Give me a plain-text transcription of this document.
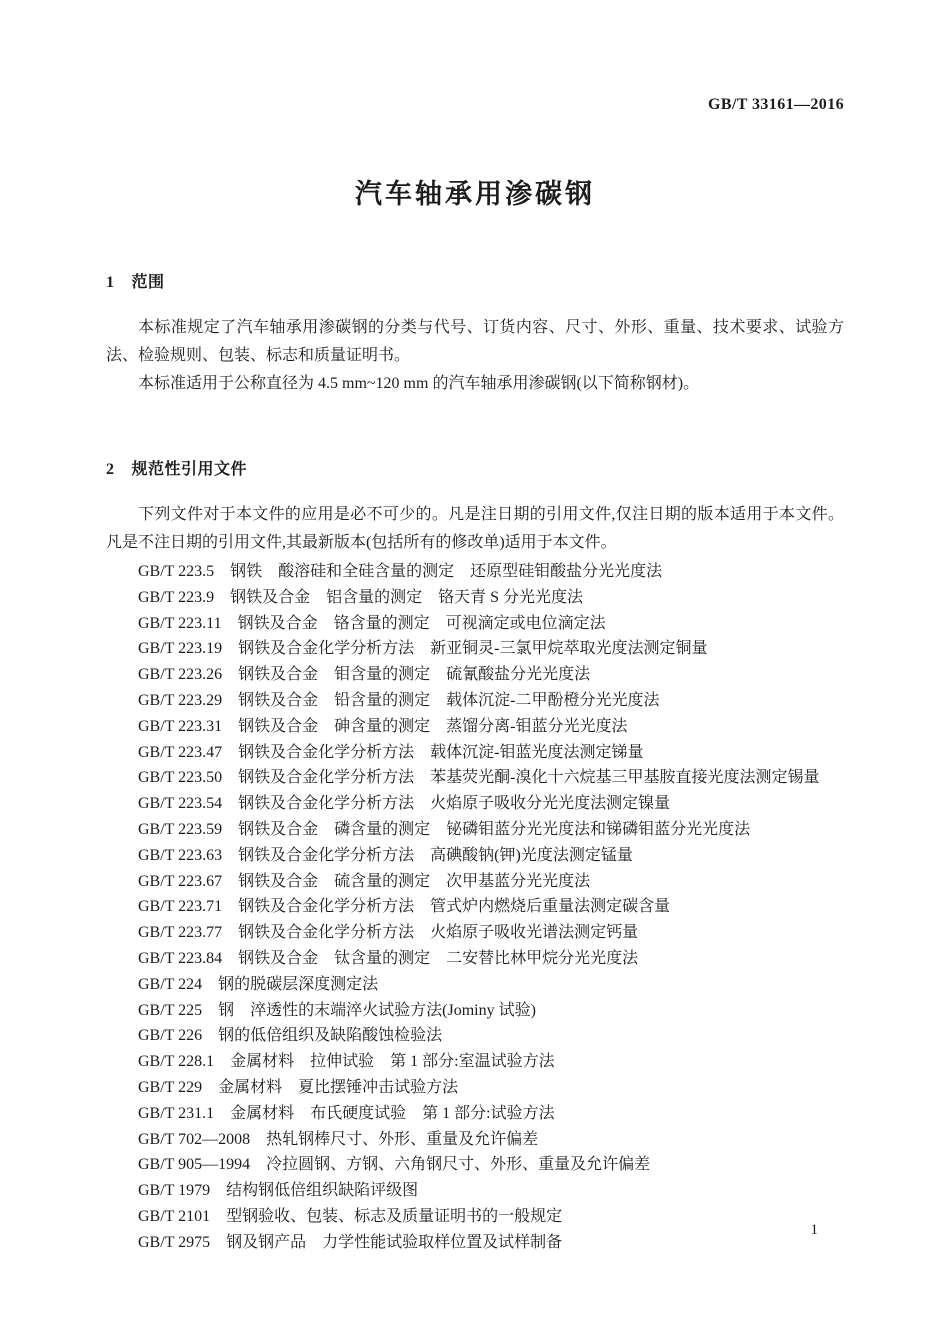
GB/T 33161—2016
汽车轴承用渗碳钢
1 范围

本标准规定了汽车轴承用渗碳钢的分类与代号、订货内容、尺寸、外形、重量、技术要求、试验方法、检验规则、包装、标志和质量证明书。

本标准适用于公称直径为 4.5 mm~120 mm 的汽车轴承用渗碳钢(以下简称钢材)。

2 规范性引用文件

下列文件对于本文件的应用是必不可少的。凡是注日期的引用文件,仅注日期的版本适用于本文件。凡是不注日期的引用文件,其最新版本(包括所有的修改单)适用于本文件。

GB/T 223.5　钢铁　酸溶硅和全硅含量的测定　还原型硅钼酸盐分光光度法

GB/T 223.9　钢铁及合金　铝含量的测定　铬天青 S 分光光度法

GB/T 223.11　钢铁及合金　铬含量的测定　可视滴定或电位滴定法

GB/T 223.19　钢铁及合金化学分析方法　新亚铜灵-三氯甲烷萃取光度法测定铜量

GB/T 223.26　钢铁及合金　钼含量的测定　硫氰酸盐分光光度法

GB/T 223.29　钢铁及合金　铅含量的测定　载体沉淀-二甲酚橙分光光度法

GB/T 223.31　钢铁及合金　砷含量的测定　蒸馏分离-钼蓝分光光度法

GB/T 223.47　钢铁及合金化学分析方法　载体沉淀-钼蓝光度法测定锑量

GB/T 223.50　钢铁及合金化学分析方法　苯基荧光酮-溴化十六烷基三甲基胺直接光度法测定锡量

GB/T 223.54　钢铁及合金化学分析方法　火焰原子吸收分光光度法测定镍量

GB/T 223.59　钢铁及合金　磷含量的测定　铋磷钼蓝分光光度法和锑磷钼蓝分光光度法

GB/T 223.63　钢铁及合金化学分析方法　高碘酸钠(钾)光度法测定锰量

GB/T 223.67　钢铁及合金　硫含量的测定　次甲基蓝分光光度法

GB/T 223.71　钢铁及合金化学分析方法　管式炉内燃烧后重量法测定碳含量

GB/T 223.77　钢铁及合金化学分析方法　火焰原子吸收光谱法测定钙量

GB/T 223.84　钢铁及合金　钛含量的测定　二安替比林甲烷分光光度法

GB/T 224　钢的脱碳层深度测定法

GB/T 225　钢　淬透性的末端淬火试验方法(Jominy 试验)

GB/T 226　钢的低倍组织及缺陷酸蚀检验法

GB/T 228.1　金属材料　拉伸试验　第 1 部分:室温试验方法

GB/T 229　金属材料　夏比摆锤冲击试验方法

GB/T 231.1　金属材料　布氏硬度试验　第 1 部分:试验方法

GB/T 702—2008　热轧钢棒尺寸、外形、重量及允许偏差

GB/T 905—1994　冷拉圆钢、方钢、六角钢尺寸、外形、重量及允许偏差

GB/T 1979　结构钢低倍组织缺陷评级图

GB/T 2101　型钢验收、包装、标志及质量证明书的一般规定

GB/T 2975　钢及钢产品　力学性能试验取样位置及试样制备

1
